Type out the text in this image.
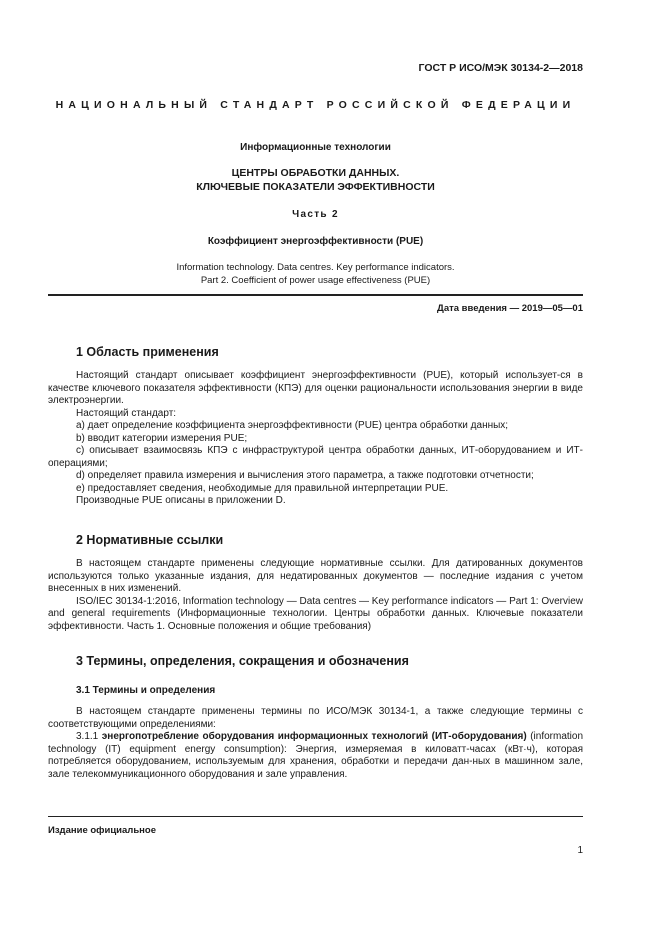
ГОСТ Р ИСО/МЭК 30134-2—2018
НАЦИОНАЛЬНЫЙ СТАНДАРТ РОССИЙСКОЙ ФЕДЕРАЦИИ
Информационные технологии
ЦЕНТРЫ ОБРАБОТКИ ДАННЫХ.
КЛЮЧЕВЫЕ ПОКАЗАТЕЛИ ЭФФЕКТИВНОСТИ
Часть 2
Коэффициент энергоэффективности (PUE)
Information technology. Data centres. Key performance indicators.
Part 2. Coefficient of power usage effectiveness (PUE)
Дата введения — 2019—05—01
1 Область применения

Настоящий стандарт описывает коэффициент энергоэффективности (PUE), который использует-ся в качестве ключевого показателя эффективности (КПЭ) для оценки рациональности использования энергии в виде электроэнергии.

Настоящий стандарт:

a) дает определение коэффициента энергоэффективности (PUE) центра обработки данных;

b) вводит категории измерения PUE;

c) описывает взаимосвязь КПЭ с инфраструктурой центра обработки данных, ИТ-оборудованием и ИТ-операциями;

d) определяет правила измерения и вычисления этого параметра, а также подготовки отчетности;

e) предоставляет сведения, необходимые для правильной интерпретации PUE.

Производные PUE описаны в приложении D.

2 Нормативные ссылки

В настоящем стандарте применены следующие нормативные ссылки. Для датированных документов используются только указанные издания, для недатированных документов — последние издания с учетом внесенных в них изменений.

ISO/IEC 30134-1:2016, Information technology — Data centres — Key performance indicators — Part 1: Overview and general requirements (Информационные технологии. Центры обработки данных. Ключевые показатели эффективности. Часть 1. Основные положения и общие требования)

3 Термины, определения, сокращения и обозначения
3.1 Термины и определения

В настоящем стандарте применены термины по ИСО/МЭК 30134-1, а также следующие термины с соответствующими определениями:

3.1.1 энергопотребление оборудования информационных технологий (ИТ-оборудования) (information technology (IT) equipment energy consumption): Энергия, измеряемая в киловатт-часах (кВт·ч), которая потребляется оборудованием, используемым для хранения, обработки и передачи дан-ных в машинном зале, зале телекоммуникационного оборудования и зале управления.

Издание официальное
1
